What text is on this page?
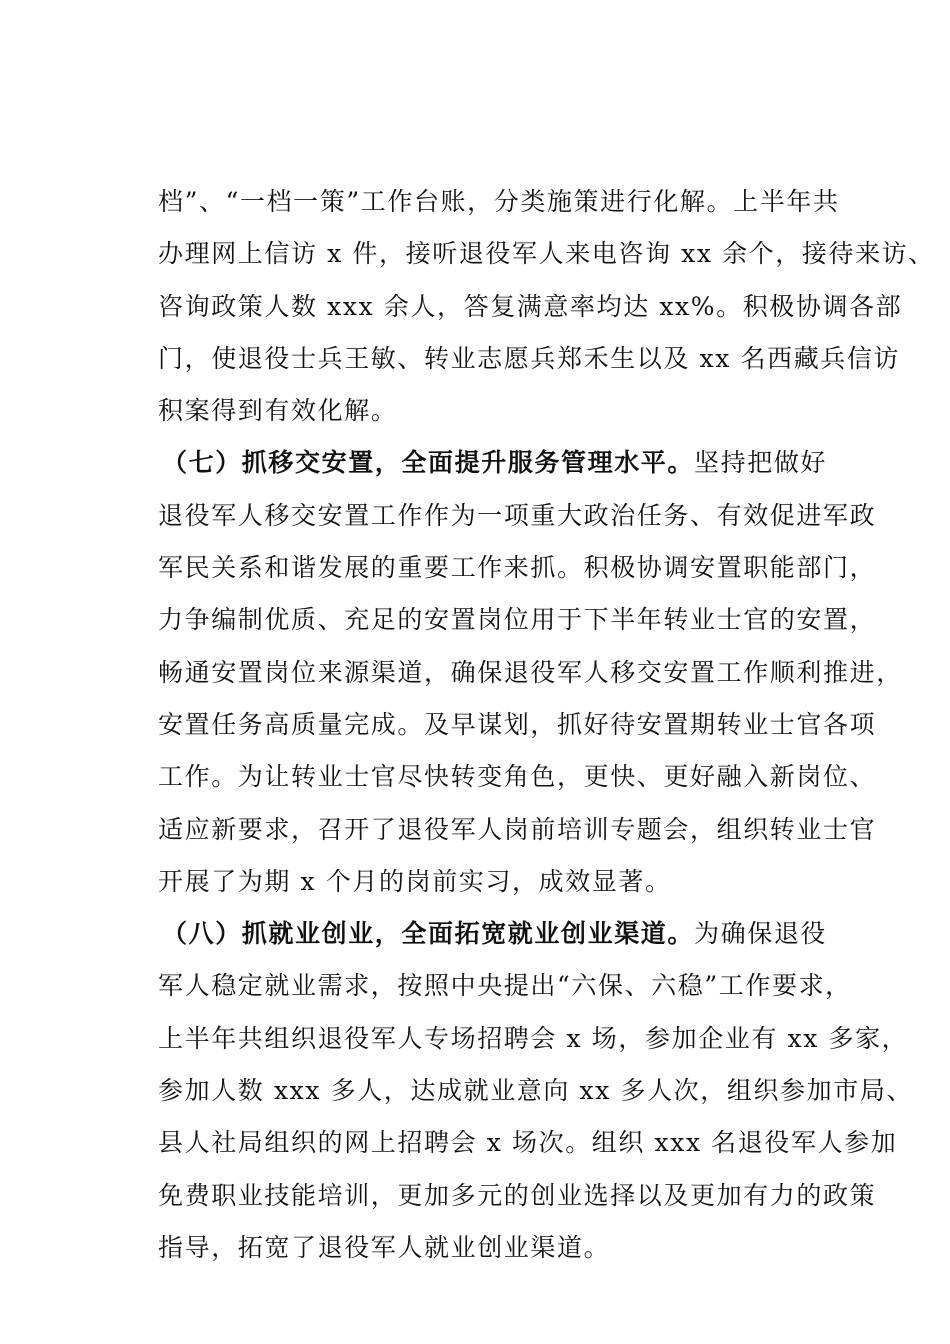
档”、“一档一策”工作台账，分类施策进行化解。上半年共
办理网上信访 x 件，接听退役军人来电咨询 xx 余个，接待来访、
咨询政策人数 xxx 余人，答复满意率均达 xx%。积极协调各部
门，使退役士兵王敏、转业志愿兵郑禾生以及 xx 名西藏兵信访
积案得到有效化解。
（七）抓移交安置，全面提升服务管理水平。坚持把做好
退役军人移交安置工作作为一项重大政治任务、有效促进军政
军民关系和谐发展的重要工作来抓。积极协调安置职能部门，
力争编制优质、充足的安置岗位用于下半年转业士官的安置，
畅通安置岗位来源渠道，确保退役军人移交安置工作顺利推进，
安置任务高质量完成。及早谋划，抓好待安置期转业士官各项
工作。为让转业士官尽快转变角色，更快、更好融入新岗位、
适应新要求，召开了退役军人岗前培训专题会，组织转业士官
开展了为期 x 个月的岗前实习，成效显著。
（八）抓就业创业，全面拓宽就业创业渠道。为确保退役
军人稳定就业需求，按照中央提出“六保、六稳”工作要求，
上半年共组织退役军人专场招聘会 x 场，参加企业有 xx 多家，
参加人数 xxx 多人，达成就业意向 xx 多人次，组织参加市局、
县人社局组织的网上招聘会 x 场次。组织 xxx 名退役军人参加
免费职业技能培训，更加多元的创业选择以及更加有力的政策
指导，拓宽了退役军人就业创业渠道。
